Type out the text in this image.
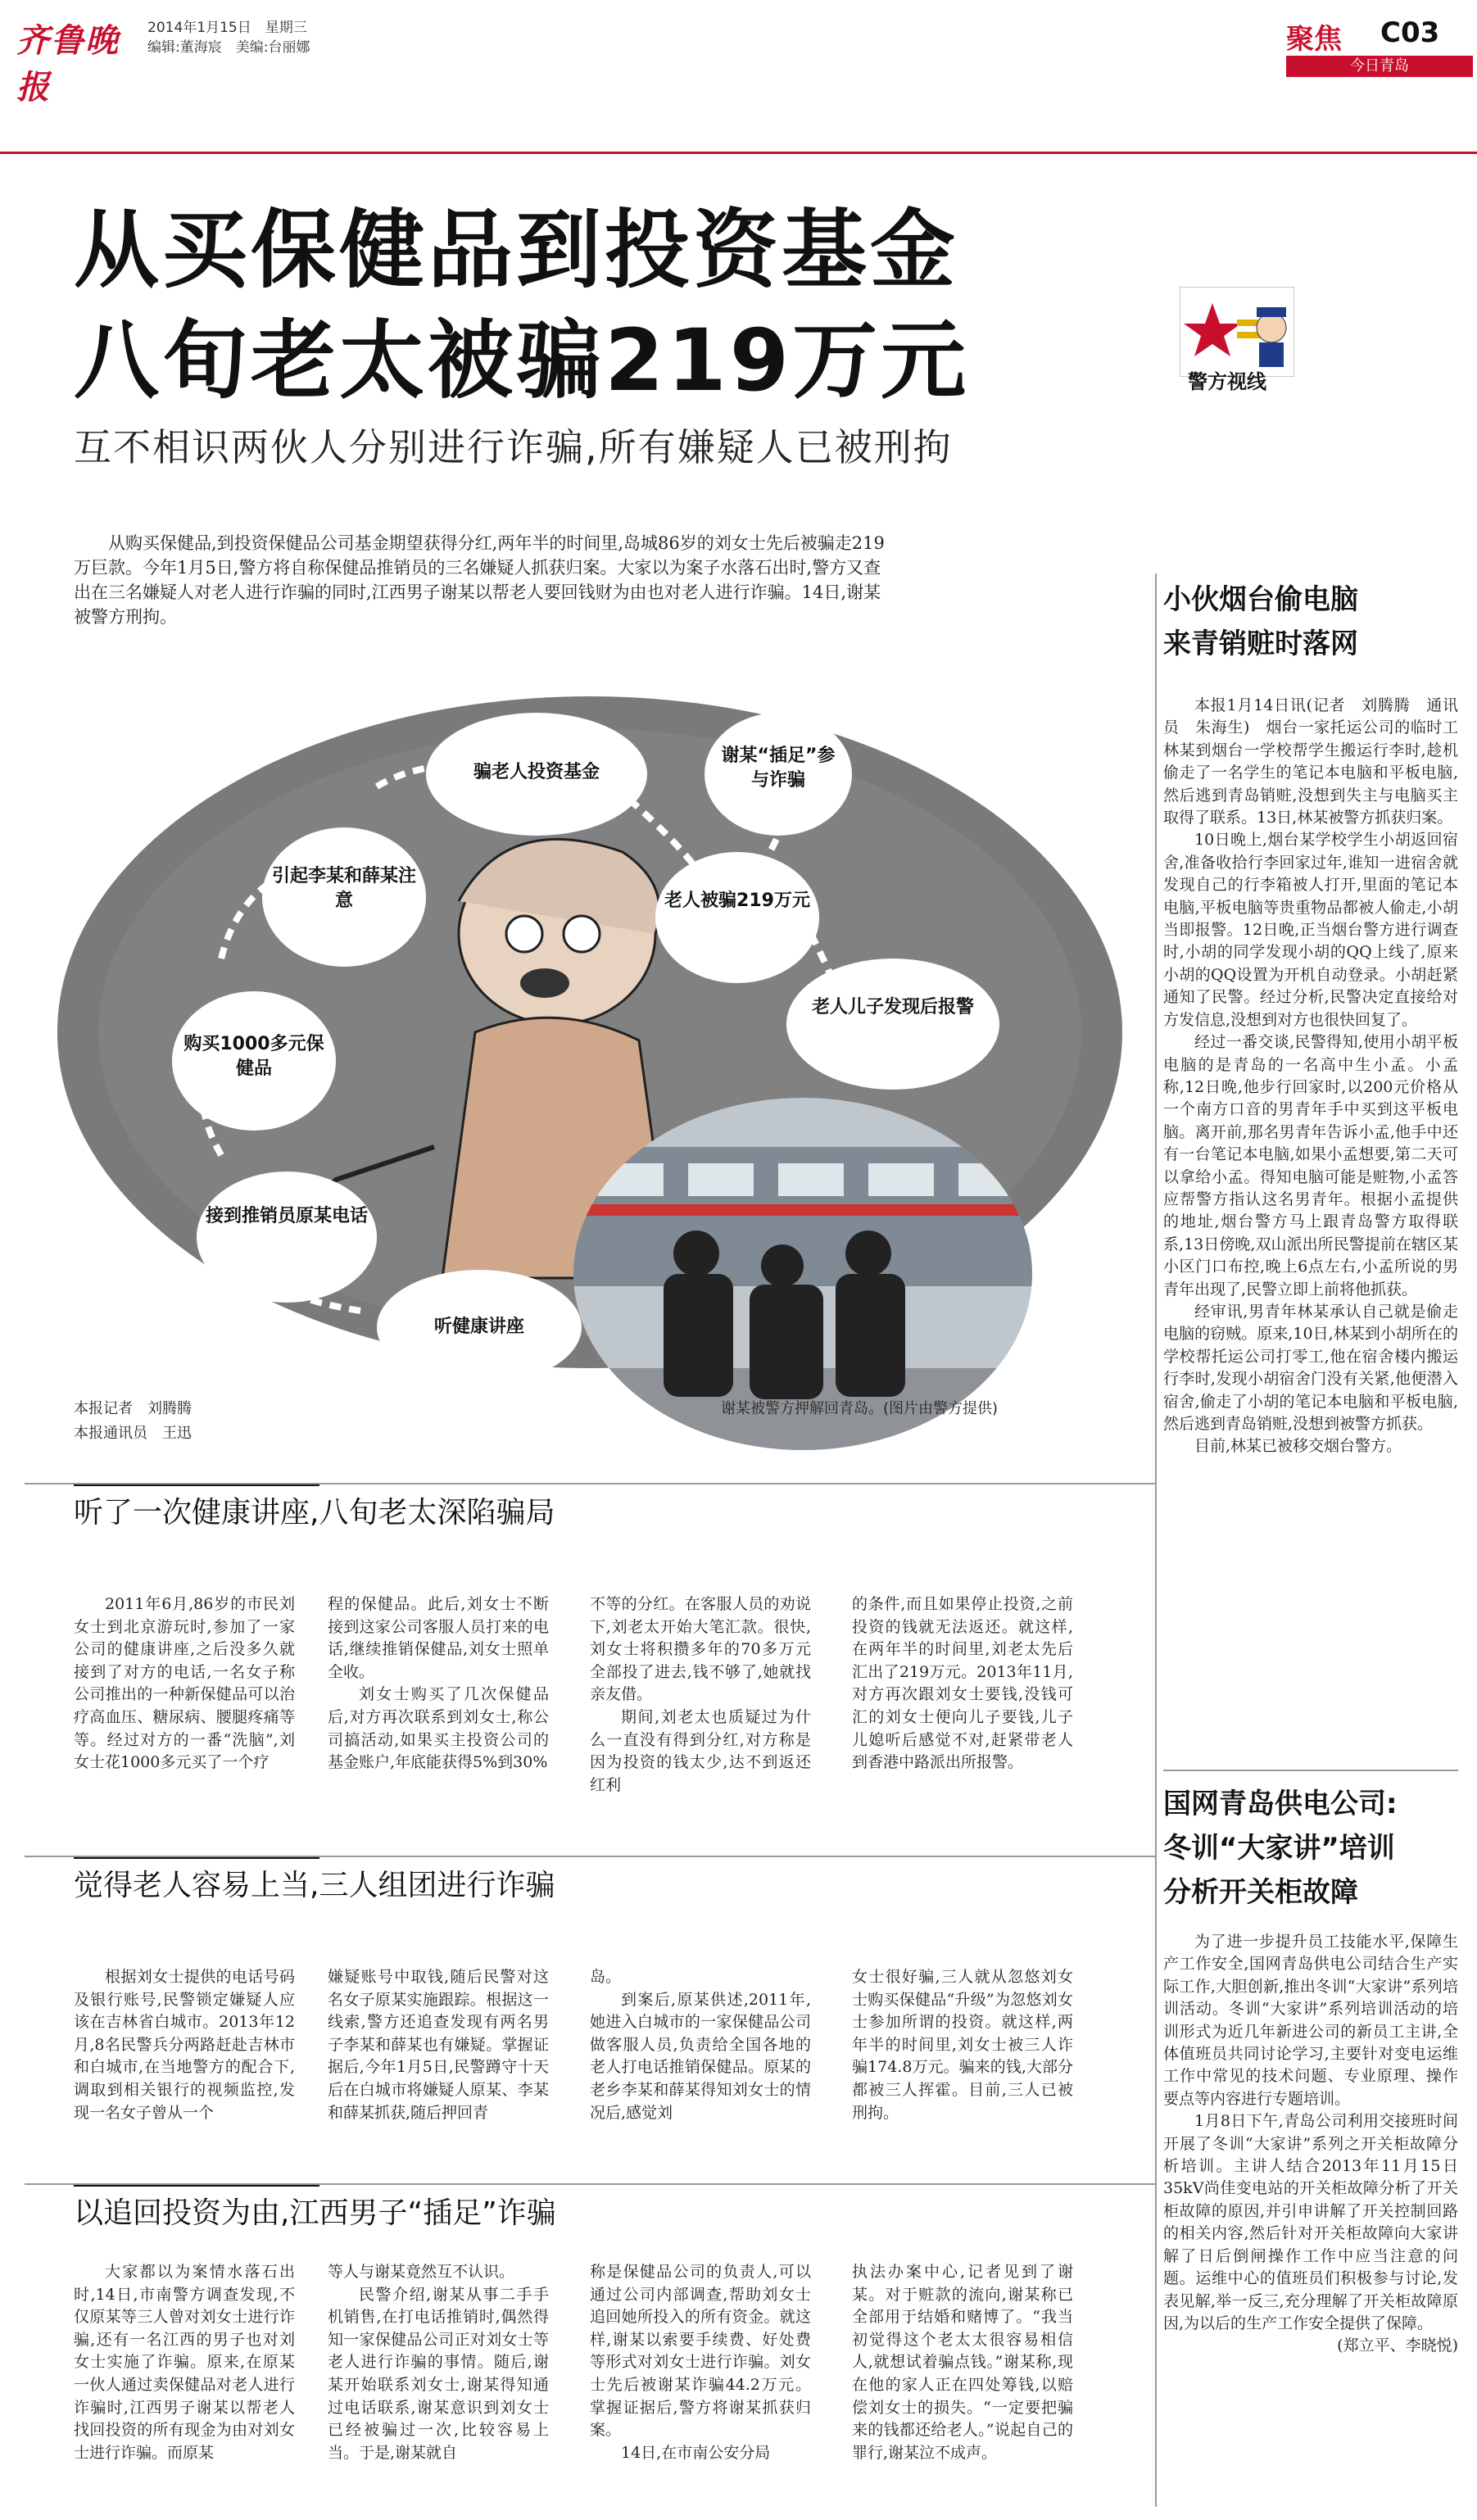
齐鲁晚报
2014年1月15日　星期三
编辑:董海宸　美编:台丽娜	聚焦	C03
今日青岛
从买保健品到投资基金
八旬老太被骗219万元
互不相识两伙人分别进行诈骗,所有嫌疑人已被刑拘
警方视线

从购买保健品,到投资保健品公司基金期望获得分红,两年半的时间里,岛城86岁的刘女士先后被骗走219万巨款。今年1月5日,警方将自称保健品推销员的三名嫌疑人抓获归案。大家以为案子水落石出时,警方又查出在三名嫌疑人对老人进行诈骗的同时,江西男子谢某以帮老人要回钱财为由也对老人进行诈骗。14日,谢某被警方刑拘。

骗老人投资基金
谢某“插足”参与诈骗
引起李某和薛某注意	老人被骗219万元
购买1000多元保健品
老人儿子发现后报警
接到推销员原某电话
听健康讲座
谢某被警方押解回青岛。(图片由警方提供)
本报记者　刘腾腾
本报通讯员　王迅
听了一次健康讲座,八旬老太深陷骗局

2011年6月,86岁的市民刘女士到北京游玩时,参加了一家公司的健康讲座,之后没多久就接到了对方的电话,一名女子称公司推出的一种新保健品可以治疗高血压、糖尿病、腰腿疼痛等等。经过对方的一番“洗脑”,刘女士花1000多元买了一个疗

程的保健品。此后,刘女士不断接到这家公司客服人员打来的电话,继续推销保健品,刘女士照单全收。
刘女士购买了几次保健品后,对方再次联系到刘女士,称公司搞活动,如果买主投资公司的基金账户,年底能获得5%到30%

不等的分红。在客服人员的劝说下,刘老太开始大笔汇款。很快,刘女士将积攒多年的70多万元全部投了进去,钱不够了,她就找亲友借。
期间,刘老太也质疑过为什么一直没有得到分红,对方称是因为投资的钱太少,达不到返还红利

的条件,而且如果停止投资,之前投资的钱就无法返还。就这样,在两年半的时间里,刘老太先后汇出了219万元。2013年11月,对方再次跟刘女士要钱,没钱可汇的刘女士便向儿子要钱,儿子儿媳听后感觉不对,赶紧带老人到香港中路派出所报警。

觉得老人容易上当,三人组团进行诈骗

根据刘女士提供的电话号码及银行账号,民警锁定嫌疑人应该在吉林省白城市。2013年12月,8名民警兵分两路赶赴吉林市和白城市,在当地警方的配合下,调取到相关银行的视频监控,发现一名女子曾从一个

嫌疑账号中取钱,随后民警对这名女子原某实施跟踪。根据这一线索,警方还追查发现有两名男子李某和薛某也有嫌疑。掌握证据后,今年1月5日,民警蹲守十天后在白城市将嫌疑人原某、李某和薛某抓获,随后押回青

岛。
到案后,原某供述,2011年,她进入白城市的一家保健品公司做客服人员,负责给全国各地的老人打电话推销保健品。原某的老乡李某和薛某得知刘女士的情况后,感觉刘

女士很好骗,三人就从忽悠刘女士购买保健品“升级”为忽悠刘女士参加所谓的投资。就这样,两年半的时间里,刘女士被三人诈骗174.8万元。骗来的钱,大部分都被三人挥霍。目前,三人已被刑拘。

以追回投资为由,江西男子“插足”诈骗

大家都以为案情水落石出时,14日,市南警方调查发现,不仅原某等三人曾对刘女士进行诈骗,还有一名江西的男子也对刘女士实施了诈骗。原来,在原某一伙人通过卖保健品对老人进行诈骗时,江西男子谢某以帮老人找回投资的所有现金为由对刘女士进行诈骗。而原某

等人与谢某竟然互不认识。
民警介绍,谢某从事二手手机销售,在打电话推销时,偶然得知一家保健品公司正对刘女士等老人进行诈骗的事情。随后,谢某开始联系刘女士,谢某得知通过电话联系,谢某意识到刘女士已经被骗过一次,比较容易上当。于是,谢某就自

称是保健品公司的负责人,可以通过公司内部调查,帮助刘女士追回她所投入的所有资金。就这样,谢某以索要手续费、好处费等形式对刘女士进行诈骗。刘女士先后被谢某诈骗44.2万元。掌握证据后,警方将谢某抓获归案。
14日,在市南公安分局

执法办案中心,记者见到了谢某。对于赃款的流向,谢某称已全部用于结婚和赌博了。“我当初觉得这个老太太很容易相信人,就想试着骗点钱。”谢某称,现在他的家人正在四处筹钱,以赔偿刘女士的损失。“一定要把骗来的钱都还给老人。”说起自己的罪行,谢某泣不成声。

小伙烟台偷电脑
来青销赃时落网

本报1月14日讯(记者　刘腾腾　通讯员　朱海生)　烟台一家托运公司的临时工林某到烟台一学校帮学生搬运行李时,趁机偷走了一名学生的笔记本电脑和平板电脑,然后逃到青岛销赃,没想到失主与电脑买主取得了联系。13日,林某被警方抓获归案。

10日晚上,烟台某学校学生小胡返回宿舍,准备收拾行李回家过年,谁知一进宿舍就发现自己的行李箱被人打开,里面的笔记本电脑,平板电脑等贵重物品都被人偷走,小胡当即报警。12日晚,正当烟台警方进行调查时,小胡的同学发现小胡的QQ上线了,原来小胡的QQ设置为开机自动登录。小胡赶紧通知了民警。经过分析,民警决定直接给对方发信息,没想到对方也很快回复了。

经过一番交谈,民警得知,使用小胡平板电脑的是青岛的一名高中生小孟。小孟称,12日晚,他步行回家时,以200元价格从一个南方口音的男青年手中买到这平板电脑。离开前,那名男青年告诉小孟,他手中还有一台笔记本电脑,如果小孟想要,第二天可以拿给小孟。得知电脑可能是赃物,小孟答应帮警方指认这名男青年。根据小孟提供的地址,烟台警方马上跟青岛警方取得联系,13日傍晚,双山派出所民警提前在辖区某小区门口布控,晚上6点左右,小孟所说的男青年出现了,民警立即上前将他抓获。

经审讯,男青年林某承认自己就是偷走电脑的窃贼。原来,10日,林某到小胡所在的学校帮托运公司打零工,他在宿舍楼内搬运行李时,发现小胡宿舍门没有关紧,他便潜入宿舍,偷走了小胡的笔记本电脑和平板电脑,然后逃到青岛销赃,没想到被警方抓获。

目前,林某已被移交烟台警方。

国网青岛供电公司:
冬训“大家讲”培训
分析开关柜故障

为了进一步提升员工技能水平,保障生产工作安全,国网青岛供电公司结合生产实际工作,大胆创新,推出冬训“大家讲”系列培训活动。冬训“大家讲”系列培训活动的培训形式为近几年新进公司的新员工主讲,全体值班员共同讨论学习,主要针对变电运维工作中常见的技术问题、专业原理、操作要点等内容进行专题培训。

1月8日下午,青岛公司利用交接班时间开展了冬训“大家讲”系列之开关柜故障分析培训。主讲人结合2013年11月15日35kV尚佳变电站的开关柜故障分析了开关柜故障的原因,并引申讲解了开关控制回路的相关内容,然后针对开关柜故障向大家讲解了日后倒闸操作工作中应当注意的问题。运维中心的值班员们积极参与讨论,发表见解,举一反三,充分理解了开关柜故障原因,为以后的生产工作安全提供了保障。

(郑立平、李晓悦)
